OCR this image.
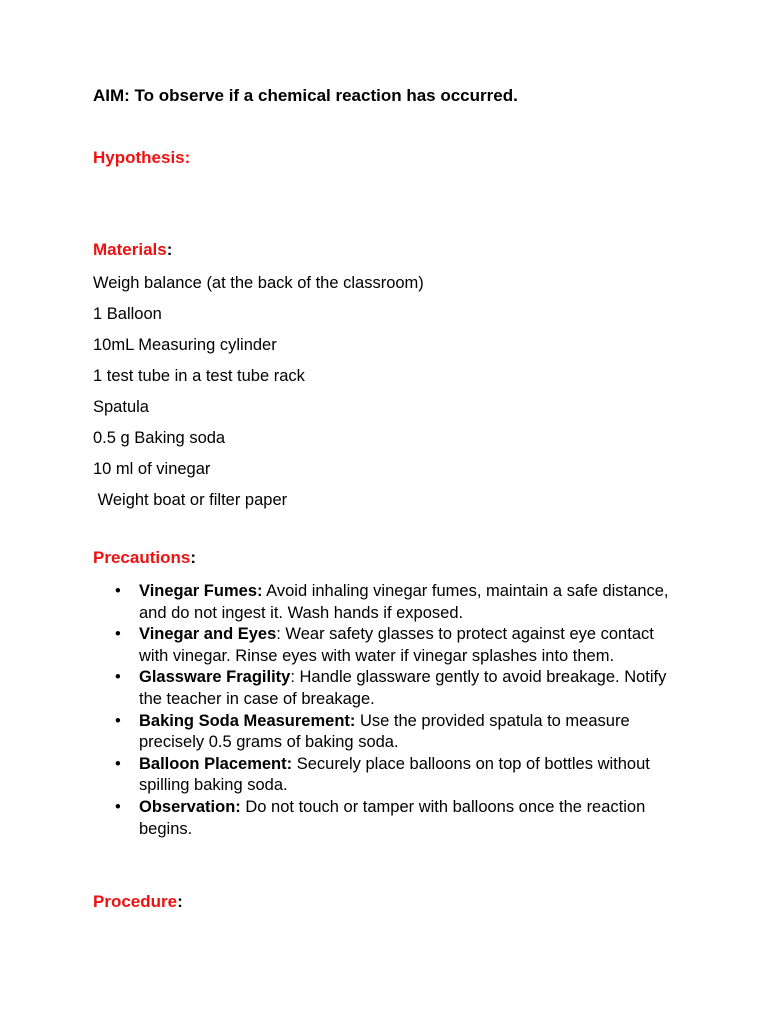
AIM: To observe if a chemical reaction has occurred.
Hypothesis:
Materials:
Weigh balance (at the back of the classroom)
1 Balloon
10mL Measuring cylinder
1 test tube in a test tube rack
Spatula
0.5 g Baking soda
10 ml of vinegar
Weight boat or filter paper
Precautions:
• Vinegar Fumes: Avoid inhaling vinegar fumes, maintain a safe distance, and do not ingest it. Wash hands if exposed.
• Vinegar and Eyes: Wear safety glasses to protect against eye contact with vinegar. Rinse eyes with water if vinegar splashes into them.
• Glassware Fragility: Handle glassware gently to avoid breakage. Notify the teacher in case of breakage.
• Baking Soda Measurement: Use the provided spatula to measure precisely 0.5 grams of baking soda.
• Balloon Placement: Securely place balloons on top of bottles without spilling baking soda.
• Observation: Do not touch or tamper with balloons once the reaction begins.
Procedure:
